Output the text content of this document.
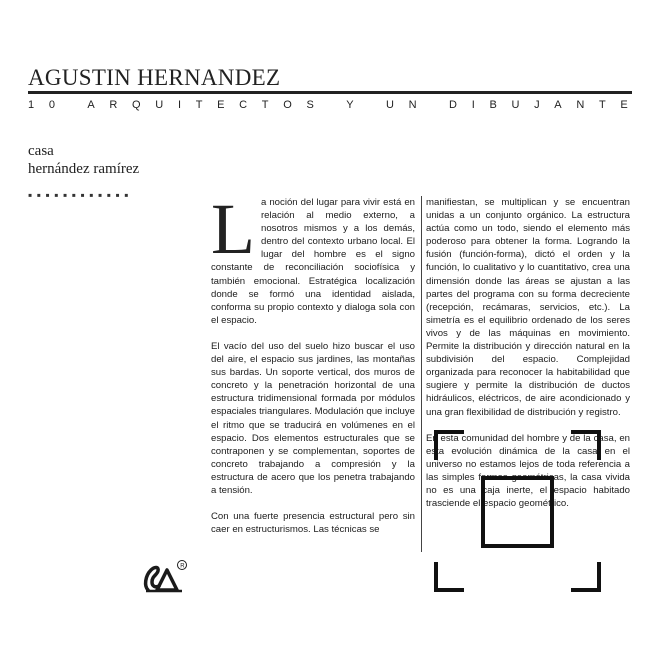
AGUSTIN HERNANDEZ
1 0
	A R Q U I T E C T O S
	Y
	U N
	D I B U J A N T E
casa
hernández ramírez
▪▪▪▪▪▪▪▪▪▪▪▪ L a noción del lugar para vivir está en relación al medio externo, a nosotros mismos y a los demás, dentro del contexto urbano local. El lugar del hombre es el signo constante de reconciliación sociofísica y también emocional. Estratégica localización donde se formó una identidad aislada, conforma su propio contexto y dialoga sola con el espacio.

El vacío del uso del suelo hizo buscar el uso del aire, el espacio sus jardines, las montañas sus bardas. Un soporte vertical, dos muros de concreto y la penetración horizontal de una estructura tridimensional formada por módulos espaciales triangulares. Modulación que incluye el ritmo que se traducirá en volúmenes en el espacio. Dos elementos estructurales que se contraponen y se complementan, soportes de concreto trabajando a compresión y la estructura de acero que los penetra trabajando a tensión.

Con una fuerte presencia estructural pero sin caer en estructurismos. Las técnicas se

manifiestan, se multiplican y se encuentran unidas a un conjunto orgánico. La estructura actúa como un todo, siendo el elemento más poderoso para obtener la forma. Logrando la fusión (función-forma), dictó el orden y la función, lo cualitativo y lo cuantitativo, crea una dimensión donde las áreas se ajustan a las partes del programa con su forma decreciente (recepción, recámaras, servicios, etc.). La simetría es el equilibrio ordenado de los seres vivos y de las máquinas en movimiento. Permite la distribución y dirección natural en la subdivisión del espacio. Complejidad organizada para reconocer la habitabilidad que sugiere y permite la distribución de ductos hidráulicos, eléctricos, de aire acondicionado y una gran flexibilidad de distribución y registro.

En esta comunidad del hombre y de la casa, en esta evolución dinámica de la casa en el universo no estamos lejos de toda referencia a las simples formas geométricas, la casa vivida no es una caja inerte, el espacio habitado trasciende el espacio geométrico.

R
